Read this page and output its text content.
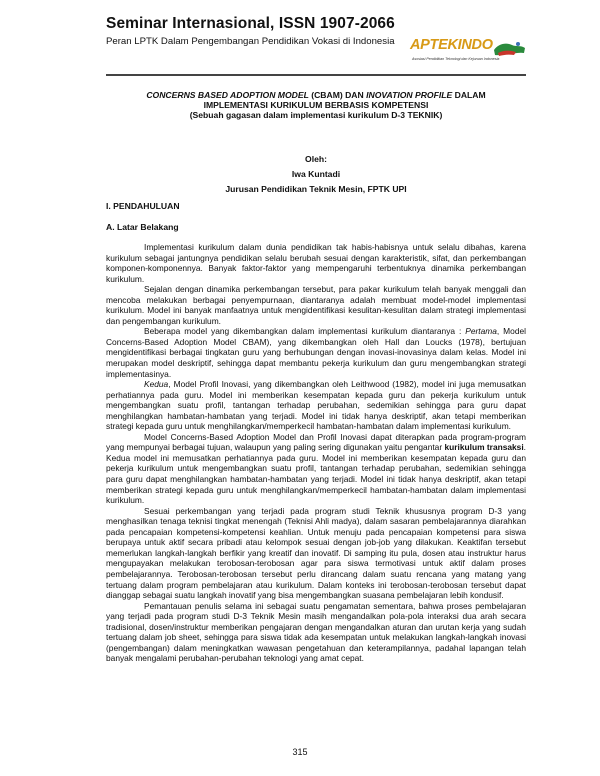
Seminar Internasional, ISSN 1907-2066
Peran LPTK Dalam Pengembangan Pendidikan Vokasi di Indonesia	APTEKINDO
Asosiasi Pendidikan Teknologi dan Kejuruan Indonesia
CONCERNS BASED ADOPTION MODEL (CBAM) DAN INOVATION PROFILE DALAM
IMPLEMENTASI KURIKULUM BERBASIS KOMPETENSI
(Sebuah gagasan dalam implementasi kurikulum D-3 TEKNIK)
Oleh:
Iwa Kuntadi
Jurusan Pendidikan Teknik Mesin, FPTK UPI
I. PENDAHULUAN
A. Latar Belakang

Implementasi kurikulum dalam dunia pendidikan tak habis-habisnya untuk selalu dibahas, karena kurikulum sebagai jantungnya pendidikan selalu berubah sesuai dengan karakteristik, sifat, dan perkembangan komponen-komponennya. Banyak faktor-faktor yang mempengaruhi terbentuknya dinamika perkembangan kurikulum.

Sejalan dengan dinamika perkembangan tersebut, para pakar kurikulum telah banyak menggali dan mencoba melakukan berbagai penyempurnaan, diantaranya adalah membuat model-model implementasi kurikulum. Model ini banyak manfaatnya untuk mengidentifikasi kesulitan-kesulitan dalam strategi implementasi dan pengembangan kurikulum.

Beberapa model yang dikembangkan dalam implementasi kurikulum diantaranya : Pertama, Model Concerns-Based Adoption Model CBAM), yang dikembangkan oleh Hall dan Loucks (1978), bertujuan mengidentifikasi berbagai tingkatan guru yang berhubungan dengan inovasi-inovasinya dalam kelas. Model ini merupakan model deskriptif, sehingga dapat membantu pekerja kurikulum dan guru mengembangkan strategi implementasinya.

Kedua, Model Profil Inovasi, yang dikembangkan oleh Leithwood (1982), model ini juga memusatkan perhatiannya pada guru. Model ini memberikan kesempatan kepada guru dan pekerja kurikulum untuk mengembangkan suatu profil, tantangan terhadap perubahan, sedemikian sehingga para guru dapat menghilangkan hambatan-hambatan yang terjadi. Model ini tidak hanya deskriptif, akan tetapi memberikan strategi kepada guru untuk menghilangkan/memperkecil hambatan-hambatan dalam implementasi kurikulum.

Model Concerns-Based Adoption Model dan Profil Inovasi dapat diterapkan pada program-program yang mempunyai berbagai tujuan, walaupun yang paling sering digunakan yaitu pengantar kurikulum transaksi. Kedua model ini memusatkan perhatiannya pada guru. Model ini memberikan kesempatan kepada guru dan pekerja kurikulum untuk mengembangkan suatu profil, tantangan terhadap perubahan, sedemikian sehingga para guru dapat menghilangkan hambatan-hambatan yang terjadi. Model ini tidak hanya deskriptif, akan tetapi memberikan strategi kepada guru untuk menghilangkan/memperkecil hambatan-hambatan dalam implementasi kurikulum.

Sesuai perkembangan yang terjadi pada program studi Teknik khususnya program D-3 yang menghasilkan tenaga teknisi tingkat menengah (Teknisi Ahli madya), dalam sasaran pembelajarannya diarahkan pada pencapaian kompetensi-kompetensi keahlian. Untuk menuju pada pencapaian kompetensi para siswa berupaya untuk aktif secara pribadi atau kelompok sesuai dengan job-job yang dilakukan. Keaktifan tersebut memerlukan langkah-langkah berfikir yang kreatif dan inovatif. Di samping itu pula, dosen atau instruktur harus mengupayakan melakukan terobosan-terobosan agar para siswa termotivasi untuk aktif dalam proses pembelajarannya. Terobosan-terobosan tersebut perlu dirancang dalam suatu rencana yang matang yang tertuang dalam program pembelajaran atau kurikulum. Dalam konteks ini terobosan-terobosan tersebut dapat dianggap sebagai suatu langkah inovatif yang bisa mengembangkan suasana pembelajaran lebih kondusif.

Pemantauan penulis selama ini sebagai suatu pengamatan sementara, bahwa proses pembelajaran yang terjadi pada program studi D-3 Teknik Mesin masih mengandalkan pola-pola interaksi dua arah secara tradisional, dosen/instruktur memberikan pengajaran dengan mengandalkan aturan dan urutan kerja yang sudah tertuang dalam job sheet, sehingga para siswa tidak ada kesempatan untuk melakukan langkah-langkah inovasi (pengembangan) dalam meningkatkan wawasan pengetahuan dan keterampilannya, padahal lapangan telah banyak mengalami perubahan-perubahan teknologi yang amat cepat.

315
